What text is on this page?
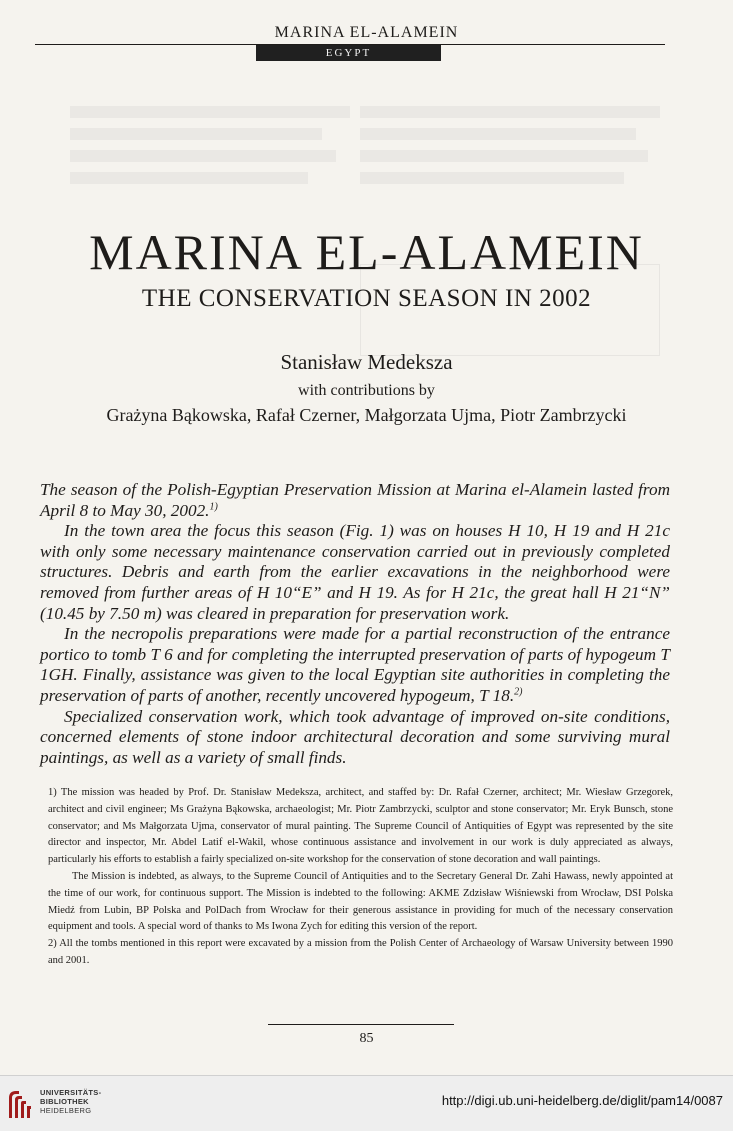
MARINA EL-ALAMEIN
EGYPT
MARINA EL-ALAMEIN
THE CONSERVATION SEASON IN 2002
Stanisław Medeksza
with contributions by
Grażyna Bąkowska, Rafał Czerner, Małgorzata Ujma, Piotr Zambrzycki

The season of the Polish-Egyptian Preservation Mission at Marina el-Alamein lasted from April 8 to May 30, 2002.$^{1)}$

In the town area the focus this season (Fig. 1) was on houses H 10, H 19 and H 21c with only some necessary maintenance conservation carried out in previously completed structures. Debris and earth from the earlier excavations in the neighborhood were removed from further areas of H 10“E” and H 19. As for H 21c, the great hall H 21“N” (10.45 by 7.50 m) was cleared in preparation for preservation work.

In the necropolis preparations were made for a partial reconstruction of the entrance portico to tomb T 6 and for completing the interrupted preservation of parts of hypogeum T 1GH. Finally, assistance was given to the local Egyptian site authorities in completing the preservation of parts of another, recently uncovered hypogeum, T 18.$^{2)}$

Specialized conservation work, which took advantage of improved on-site conditions, concerned elements of stone indoor architectural decoration and some surviving mural paintings, as well as a variety of small finds.

1) The mission was headed by Prof. Dr. Stanisław Medeksza, architect, and staffed by: Dr. Rafał Czerner, architect; Mr. Wiesław Grzegorek, architect and civil engineer; Ms Grażyna Bąkowska, archaeologist; Mr. Piotr Zambrzycki, sculptor and stone conservator; Mr. Eryk Bunsch, stone conservator; and Ms Małgorzata Ujma, conservator of mural painting. The Supreme Council of Antiquities of Egypt was represented by the site director and inspector, Mr. Abdel Latif el-Wakil, whose continuous assistance and involvement in our work is duly appreciated as always, particularly his efforts to establish a fairly specialized on-site workshop for the conservation of stone decoration and wall paintings.

The Mission is indebted, as always, to the Supreme Council of Antiquities and to the Secretary General Dr. Zahi Hawass, newly appointed at the time of our work, for continuous support. The Mission is indebted to the following: AKME Zdzisław Wiśniewski from Wrocław, DSI Polska Miedź from Lubin, BP Polska and PolDach from Wrocław for their generous assistance in providing for much of the necessary conservation equipment and tools. A special word of thanks to Ms Iwona Zych for editing this version of the report.

2) All the tombs mentioned in this report were excavated by a mission from the Polish Center of Archaeology of Warsaw University between 1990 and 2001.

85
UNIVERSITÄTS-
BIBLIOTHEK
HEIDELBERG
http://digi.ub.uni-heidelberg.de/diglit/pam14/0087
